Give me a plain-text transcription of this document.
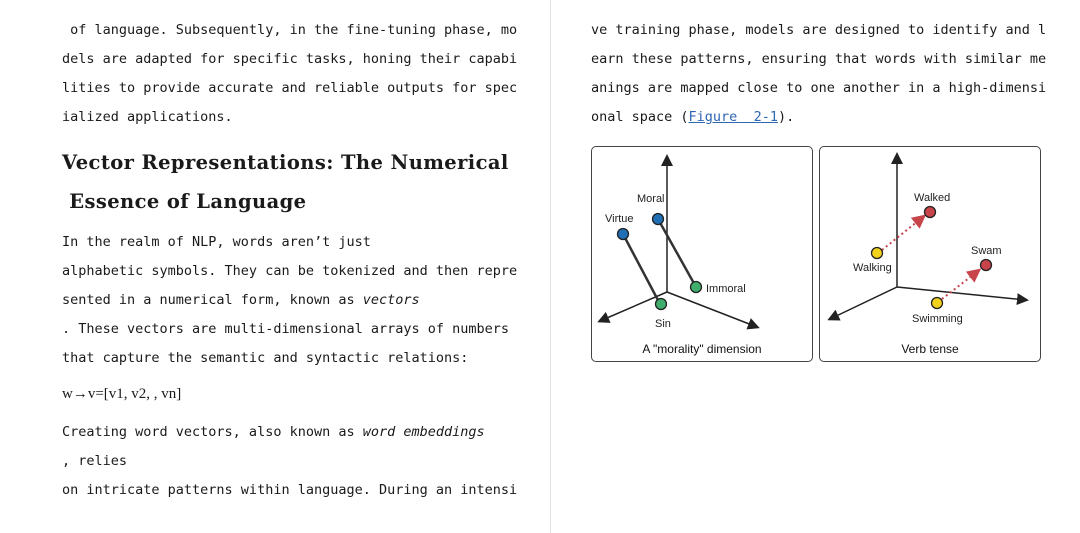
of language. Subsequently, in the fine-tuning phase, mo
dels are adapted for specific tasks, honing their capabi
lities to provide accurate and reliable outputs for spec
ialized applications.
Vector Representations: The Numerical
Essence of Language
In the realm of NLP, words aren’t just
alphabetic symbols. They can be tokenized and then repre
sented in a numerical form, known as vectors
. These vectors are multi-dimensional arrays of numbers
that capture the semantic and syntactic relations:
w→v=[v1, v2, , vn]
Creating word vectors, also known as word embeddings
, relies
on intricate patterns within language. During an intensi
ve training phase, models are designed to identify and l
earn these patterns, ensuring that words with similar me
anings are mapped close to one another in a high-dimensi
onal space (Figure  2-1).
Moral
Virtue
Immoral
Sin
A "morality" dimension
Walked
Walking
Swam
Swimming
Verb tense
